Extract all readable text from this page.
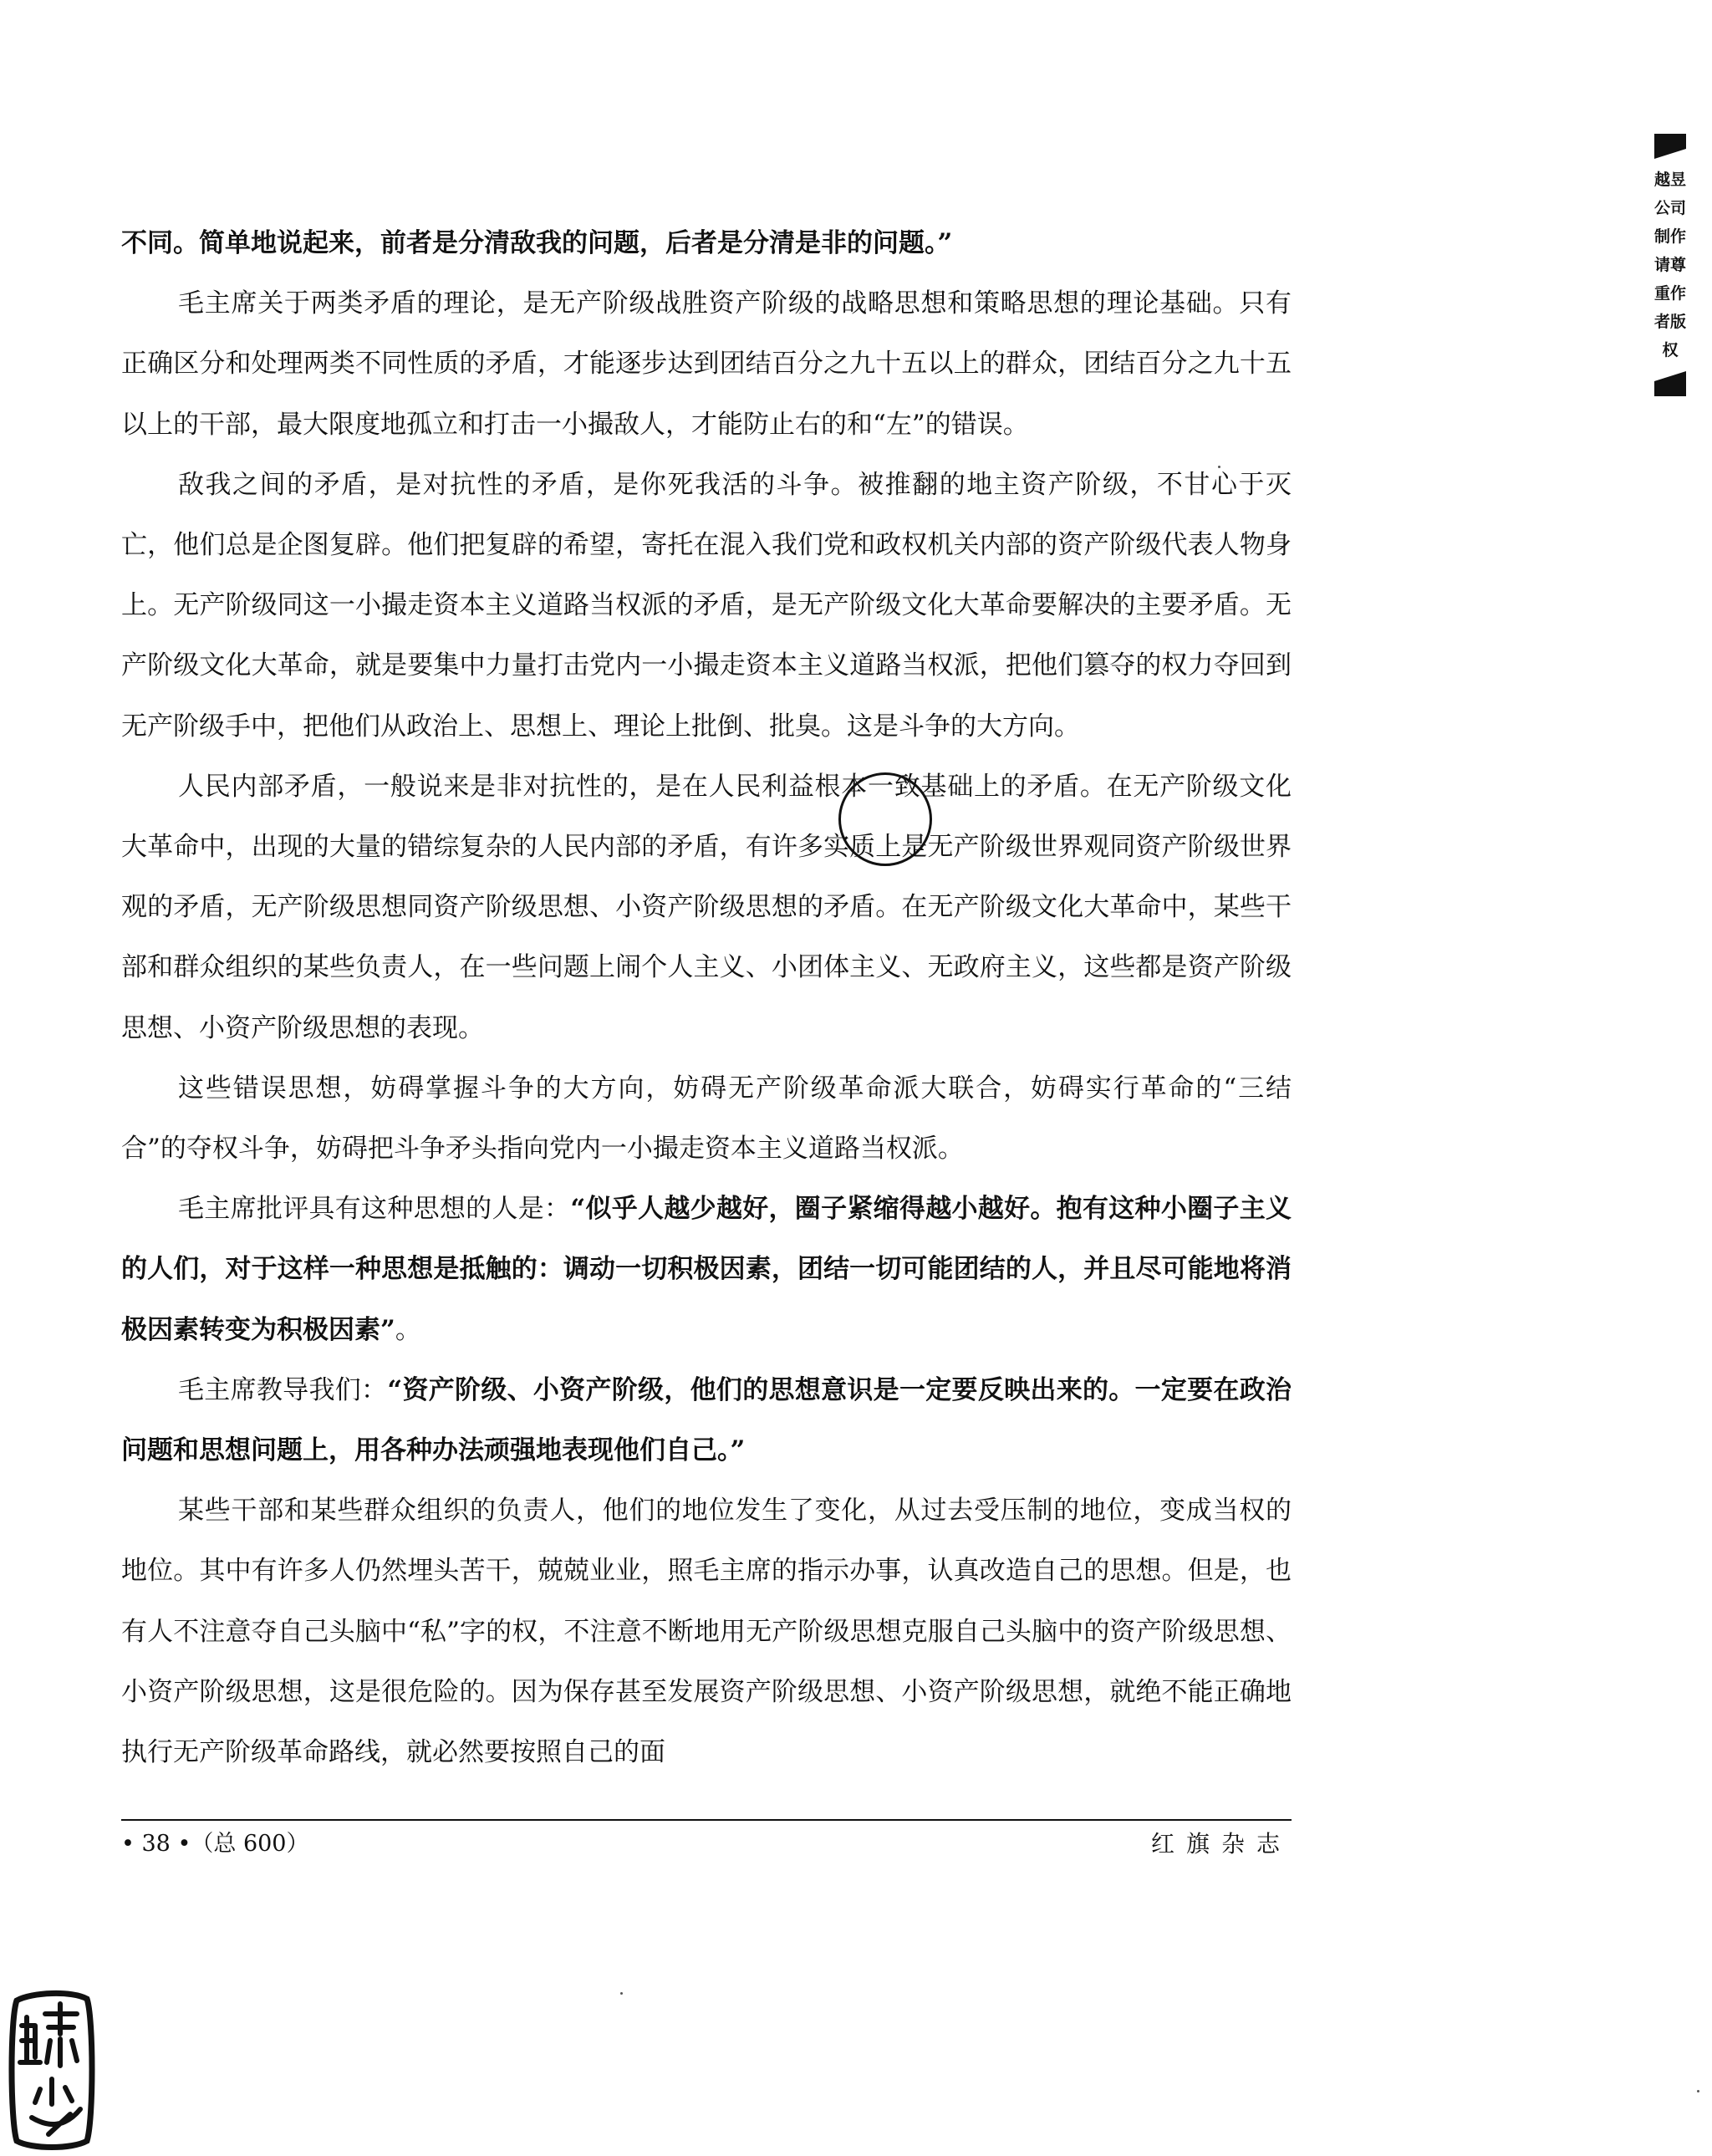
不同。简单地说起来，前者是分清敌我的问题，后者是分清是非的问题。”

毛主席关于两类矛盾的理论，是无产阶级战胜资产阶级的战略思想和策略思想的理论基础。只有正确区分和处理两类不同性质的矛盾，才能逐步达到团结百分之九十五以上的群众，团结百分之九十五以上的干部，最大限度地孤立和打击一小撮敌人，才能防止右的和“左”的错误。

敌我之间的矛盾，是对抗性的矛盾，是你死我活的斗争。被推翻的地主资产阶级，不甘心于灭亡，他们总是企图复辟。他们把复辟的希望，寄托在混入我们党和政权机关内部的资产阶级代表人物身上。无产阶级同这一小撮走资本主义道路当权派的矛盾，是无产阶级文化大革命要解决的主要矛盾。无产阶级文化大革命，就是要集中力量打击党内一小撮走资本主义道路当权派，把他们篡夺的权力夺回到无产阶级手中，把他们从政治上、思想上、理论上批倒、批臭。这是斗争的大方向。

人民内部矛盾，一般说来是非对抗性的，是在人民利益根本一致基础上的矛盾。在无产阶级文化大革命中，出现的大量的错综复杂的人民内部的矛盾，有许多实质上是无产阶级世界观同资产阶级世界观的矛盾，无产阶级思想同资产阶级思想、小资产阶级思想的矛盾。在无产阶级文化大革命中，某些干部和群众组织的某些负责人，在一些问题上闹个人主义、小团体主义、无政府主义，这些都是资产阶级思想、小资产阶级思想的表现。

这些错误思想，妨碍掌握斗争的大方向，妨碍无产阶级革命派大联合，妨碍实行革命的“三结合”的夺权斗争，妨碍把斗争矛头指向党内一小撮走资本主义道路当权派。

毛主席批评具有这种思想的人是：“似乎人越少越好，圈子紧缩得越小越好。抱有这种小圈子主义的人们，对于这样一种思想是抵触的：调动一切积极因素，团结一切可能团结的人，并且尽可能地将消极因素转变为积极因素”。

毛主席教导我们：“资产阶级、小资产阶级，他们的思想意识是一定要反映出来的。一定要在政治问题和思想问题上，用各种办法顽强地表现他们自己。”

某些干部和某些群众组织的负责人，他们的地位发生了变化，从过去受压制的地位，变成当权的地位。其中有许多人仍然埋头苦干，兢兢业业，照毛主席的指示办事，认真改造自己的思想。但是，也有人不注意夺自己头脑中“私”字的权，不注意不断地用无产阶级思想克服自己头脑中的资产阶级思想、小资产阶级思想，这是很危险的。因为保存甚至发展资产阶级思想、小资产阶级思想，就绝不能正确地执行无产阶级革命路线，就必然要按照自己的面

• 38 •（总 600）	红旗杂志
越昱公司制作请尊重作者版权
